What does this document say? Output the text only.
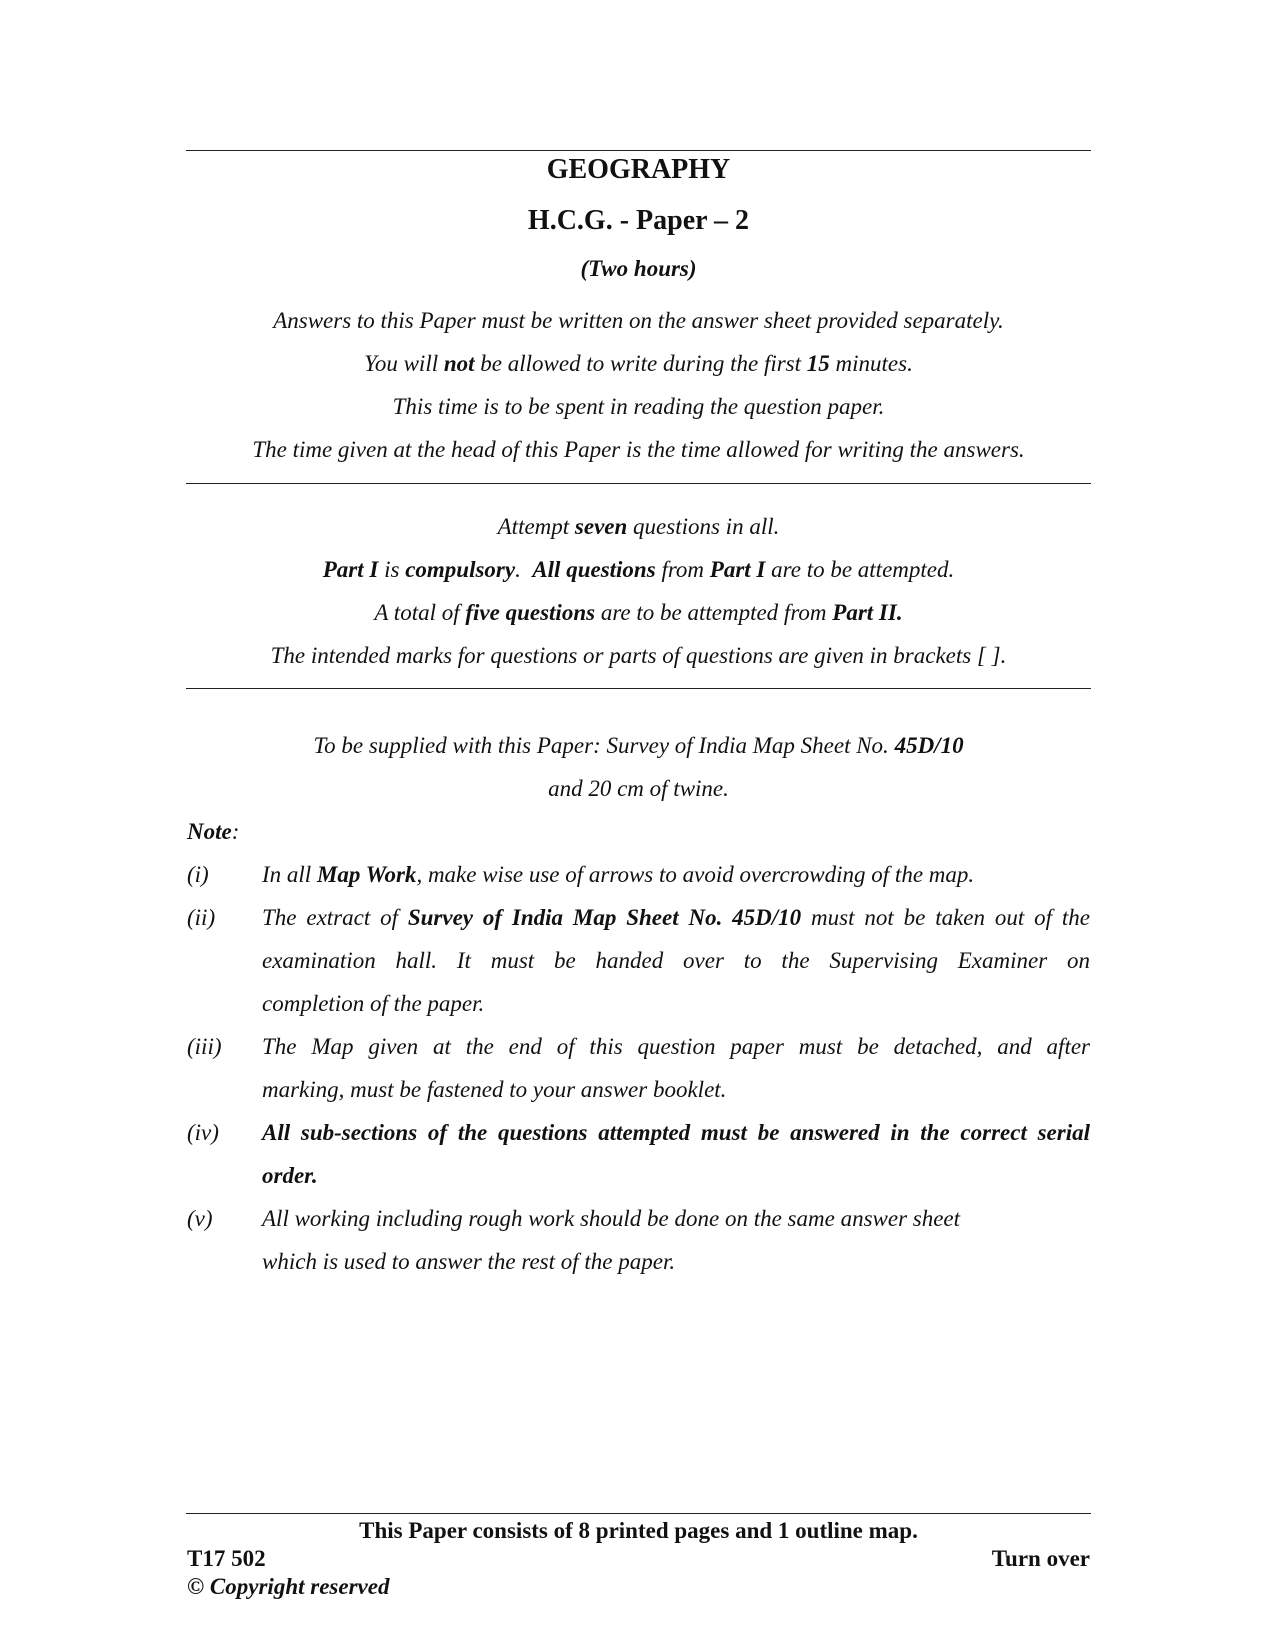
GEOGRAPHY
H.C.G. - Paper – 2
(Two hours)
Answers to this Paper must be written on the answer sheet provided separately.
You will not be allowed to write during the first 15 minutes.
This time is to be spent in reading the question paper.
The time given at the head of this Paper is the time allowed for writing the answers.
Attempt seven questions in all.
Part I is compulsory.  All questions from Part I are to be attempted.
A total of five questions are to be attempted from Part II.
The intended marks for questions or parts of questions are given in brackets [ ].
To be supplied with this Paper: Survey of India Map Sheet No. 45D/10
and 20 cm of twine.
Note:
(i) In all Map Work, make wise use of arrows to avoid overcrowding of the map.
(ii) The extract of Survey of India Map Sheet No. 45D/10 must not be taken out of the
examination hall. It must be handed over to the Supervising Examiner on
completion of the paper.
(iii) The Map given at the end of this question paper must be detached, and after
marking, must be fastened to your answer booklet.
(iv) All sub-sections of the questions attempted must be answered in the correct serial
order.
(v) All working including rough work should be done on the same answer sheet
which is used to answer the rest of the paper.
This Paper consists of 8 printed pages and 1 outline map.
T17 502	Turn over
© Copyright reserved
